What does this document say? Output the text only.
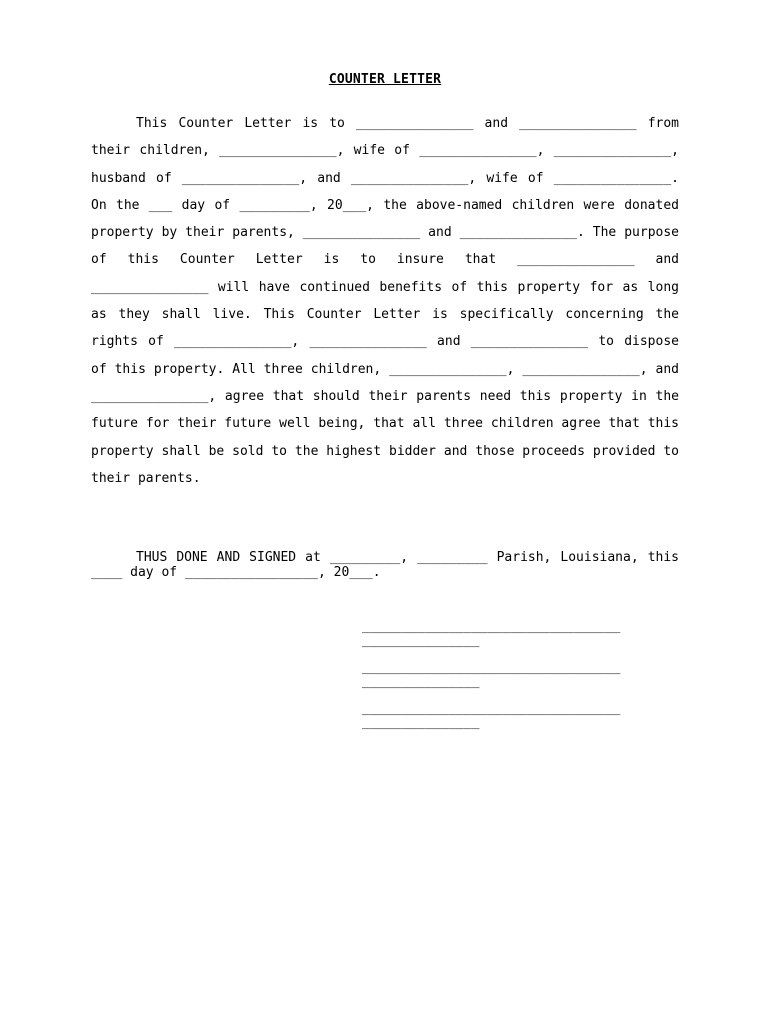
COUNTER LETTER

This Counter Letter is to _______________ and _______________ from their children, _______________, wife of _______________, _______________, husband of _______________, and _______________, wife of _______________. On the ___ day of _________, 20___, the above-named children were donated property by their parents, _______________ and _______________. The purpose of this Counter Letter is to insure that _______________ and _______________ will have continued benefits of this property for as long as they shall live. This Counter Letter is specifically concerning the rights of _______________, _______________ and _______________ to dispose of this property. All three children, _______________, _______________, and _______________, agree that should their parents need this property in the future for their future well being, that all three children agree that this property shall be sold to the highest bidder and those proceeds provided to their parents.

THUS DONE AND SIGNED at _________, _________ Parish, Louisiana, this ____ day of _________________, 20___.

_________________________________
_______________
_________________________________
_______________
_________________________________
_______________
